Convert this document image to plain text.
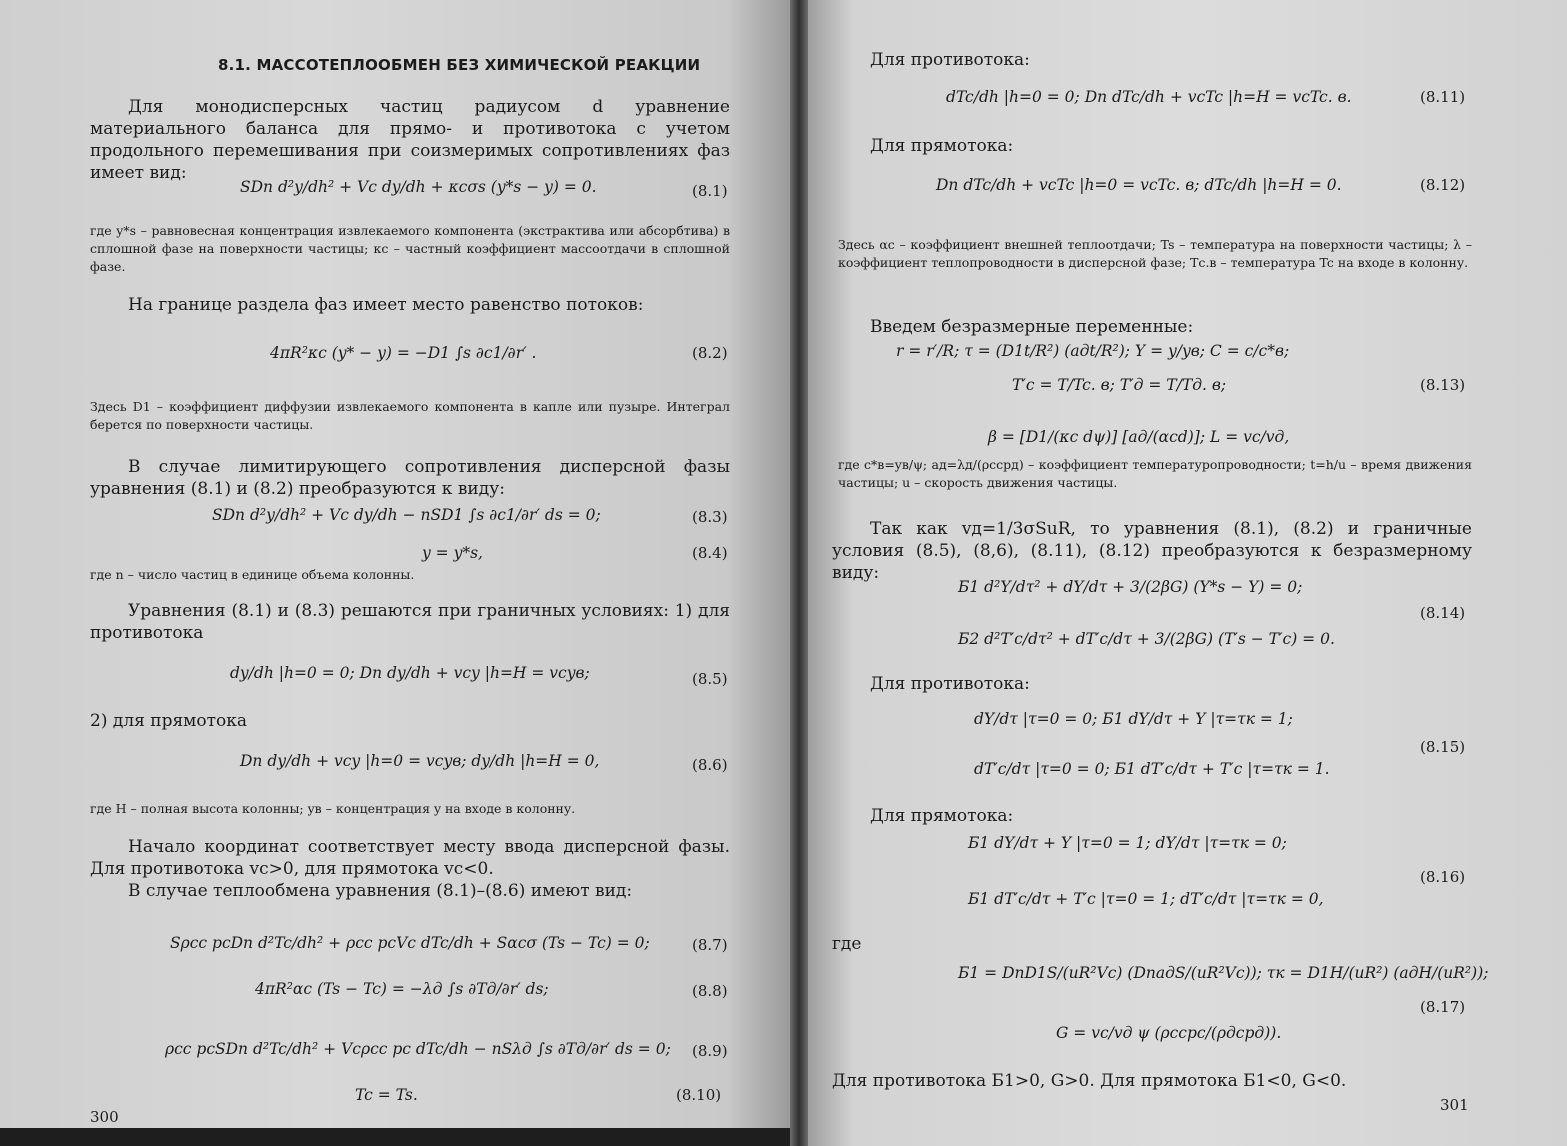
8.1. МАССОТЕПЛООБМЕН БЕЗ ХИМИЧЕСКОЙ РЕАКЦИИ

Для монодисперсных частиц радиусом d уравнение материального баланса для прямо- и противотока с учетом продольного перемешивания при соизмеримых сопротивлениях фаз имеет вид:

SDп d²y/dh² + Vc dy/dh + κcσs (y*s − y) = 0.	(8.1)

где y*s – равновесная концентрация извлекаемого компонента (экстрактива или абсорбтива) в сплошной фазе на поверхности частицы; κc – частный коэффициент массоотдачи в сплошной фазе.

На границе раздела фаз имеет место равенство потоков:

4πR²κc (y* − y) = −D1 ∫s ∂c1/∂r′ .	(8.2)

Здесь D1 – коэффициент диффузии извлекаемого компонента в капле или пузыре. Интеграл берется по поверхности частицы.

В случае лимитирующего сопротивления дисперсной фазы уравнения (8.1) и (8.2) преобразуются к виду:

SDп d²y/dh² + Vc dy/dh − nSD1 ∫s ∂c1/∂r′ ds = 0;	(8.3)
y = y*s,	(8.4)

где n – число частиц в единице объема колонны.

Уравнения (8.1) и (8.3) решаются при граничных условиях: 1) для противотока

dy/dh |h=0 = 0; Dп dy/dh + vcy |h=H = vcyв;	(8.5)

2) для прямотока

Dп dy/dh + vcy |h=0 = vcyв; dy/dh |h=H = 0,	(8.6)

где H – полная высота колонны; yв – концентрация y на входе в колонну.

Начало координат соответствует месту ввода дисперсной фазы. Для противотока vc>0, для прямотока vc<0.

В случае теплообмена уравнения (8.1)–(8.6) имеют вид:

Sρcc pcDп d²Tc/dh² + ρcc pcVc dTc/dh + Sαcσ (Ts − Tc) = 0;	(8.7)
4πR²αc (Ts − Tc) = −λд ∫s ∂Tд/∂r′ ds;	(8.8)
ρcc pcSDп d²Tc/dh² + Vcρcc pc dTc/dh − nSλд ∫s ∂Tд/∂r′ ds = 0; (8.9)
Tc = Ts.	(8.10)
300
Для противотока:
dTc/dh |h=0 = 0; Dп dTc/dh + vcTc |h=H = vcTc. в.	(8.11)
Для прямотока:
Dп dTc/dh + vcTc |h=0 = vcTc. в; dTc/dh |h=H = 0.	(8.12)

Здесь αc – коэффициент внешней теплоотдачи; Ts – температура на поверхности частицы; λ – коэффициент теплопроводности в дисперсной фазе; Tс.в – температура Tc на входе в колонну.

Введем безразмерные переменные:

r = r′/R; τ = (D1t/R²) (aдt/R²); Y = y/yв; C = c/c*в;
T′c = T/Tc. в; T′д = T/Tд. в;	(8.13)
β = [D1/(κc dψ)] [aд/(αcd)]; L = vc/vд,

где c*в=yв/ψ; aд=λд/(ρccpд) – коэффициент температуропроводности; t=h/u – время движения частицы; u – скорость движения частицы.

Так как vд=1/3σSuR, то уравнения (8.1), (8.2) и граничные условия (8.5), (8,6), (8.11), (8.12) преобразуются к безразмерному виду:

Б1 d²Y/dτ² + dY/dτ + 3/(2βG) (Y*s − Y) = 0;
(8.14)
Б2 d²T′c/dτ² + dT′c/dτ + 3/(2βG) (T′s − T′c) = 0.
Для противотока:
dY/dτ |τ=0 = 0; Б1 dY/dτ + Y |τ=τк = 1;
(8.15)
dT′c/dτ |τ=0 = 0; Б1 dT′c/dτ + T′c |τ=τк = 1.
Для прямотока:
Б1 dY/dτ + Y |τ=0 = 1; dY/dτ |τ=τк = 0;
(8.16)
Б1 dT′c/dτ + T′c |τ=0 = 1; dT′c/dτ |τ=τк = 0,
где
Б1 = DпD1S/(uR²Vc) (DпaдS/(uR²Vc)); τк = D1H/(uR²) (aдH/(uR²));
(8.17)
G = vc/vд ψ (ρccpc/(ρдcpд)).

Для противотока Б1>0, G>0. Для прямотока Б1<0, G<0.

301
